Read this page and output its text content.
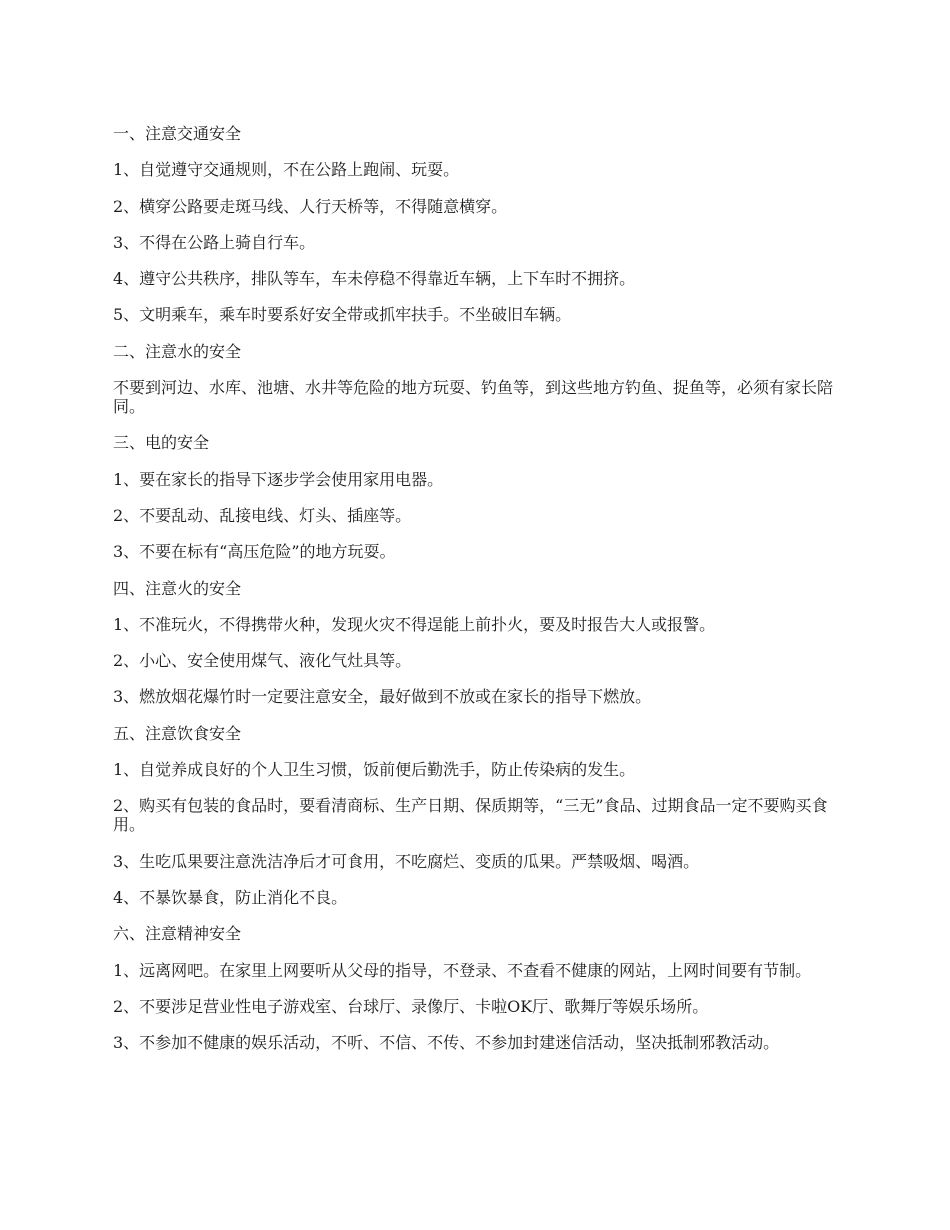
一、注意交通安全

1、自觉遵守交通规则，不在公路上跑闹、玩耍。

2、横穿公路要走斑马线、人行天桥等，不得随意横穿。

3、不得在公路上骑自行车。

4、遵守公共秩序，排队等车，车未停稳不得靠近车辆，上下车时不拥挤。

5、文明乘车，乘车时要系好安全带或抓牢扶手。不坐破旧车辆。

二、注意水的安全

不要到河边、水库、池塘、水井等危险的地方玩耍、钓鱼等，到这些地方钓鱼、捉鱼等，必须有家长陪同。

三、电的安全

1、要在家长的指导下逐步学会使用家用电器。

2、不要乱动、乱接电线、灯头、插座等。

3、不要在标有“高压危险”的地方玩耍。

四、注意火的安全

1、不准玩火，不得携带火种，发现火灾不得逞能上前扑火，要及时报告大人或报警。

2、小心、安全使用煤气、液化气灶具等。

3、燃放烟花爆竹时一定要注意安全，最好做到不放或在家长的指导下燃放。

五、注意饮食安全

1、自觉养成良好的个人卫生习惯，饭前便后勤洗手，防止传染病的发生。

2、购买有包装的食品时，要看清商标、生产日期、保质期等，“三无”食品、过期食品一定不要购买食用。

3、生吃瓜果要注意洗洁净后才可食用，不吃腐烂、变质的瓜果。严禁吸烟、喝酒。

4、不暴饮暴食，防止消化不良。

六、注意精神安全

1、远离网吧。在家里上网要听从父母的指导，不登录、不查看不健康的网站，上网时间要有节制。

2、不要涉足营业性电子游戏室、台球厅、录像厅、卡啦OK厅、歌舞厅等娱乐场所。

3、不参加不健康的娱乐活动，不听、不信、不传、不参加封建迷信活动，坚决抵制邪教活动。
